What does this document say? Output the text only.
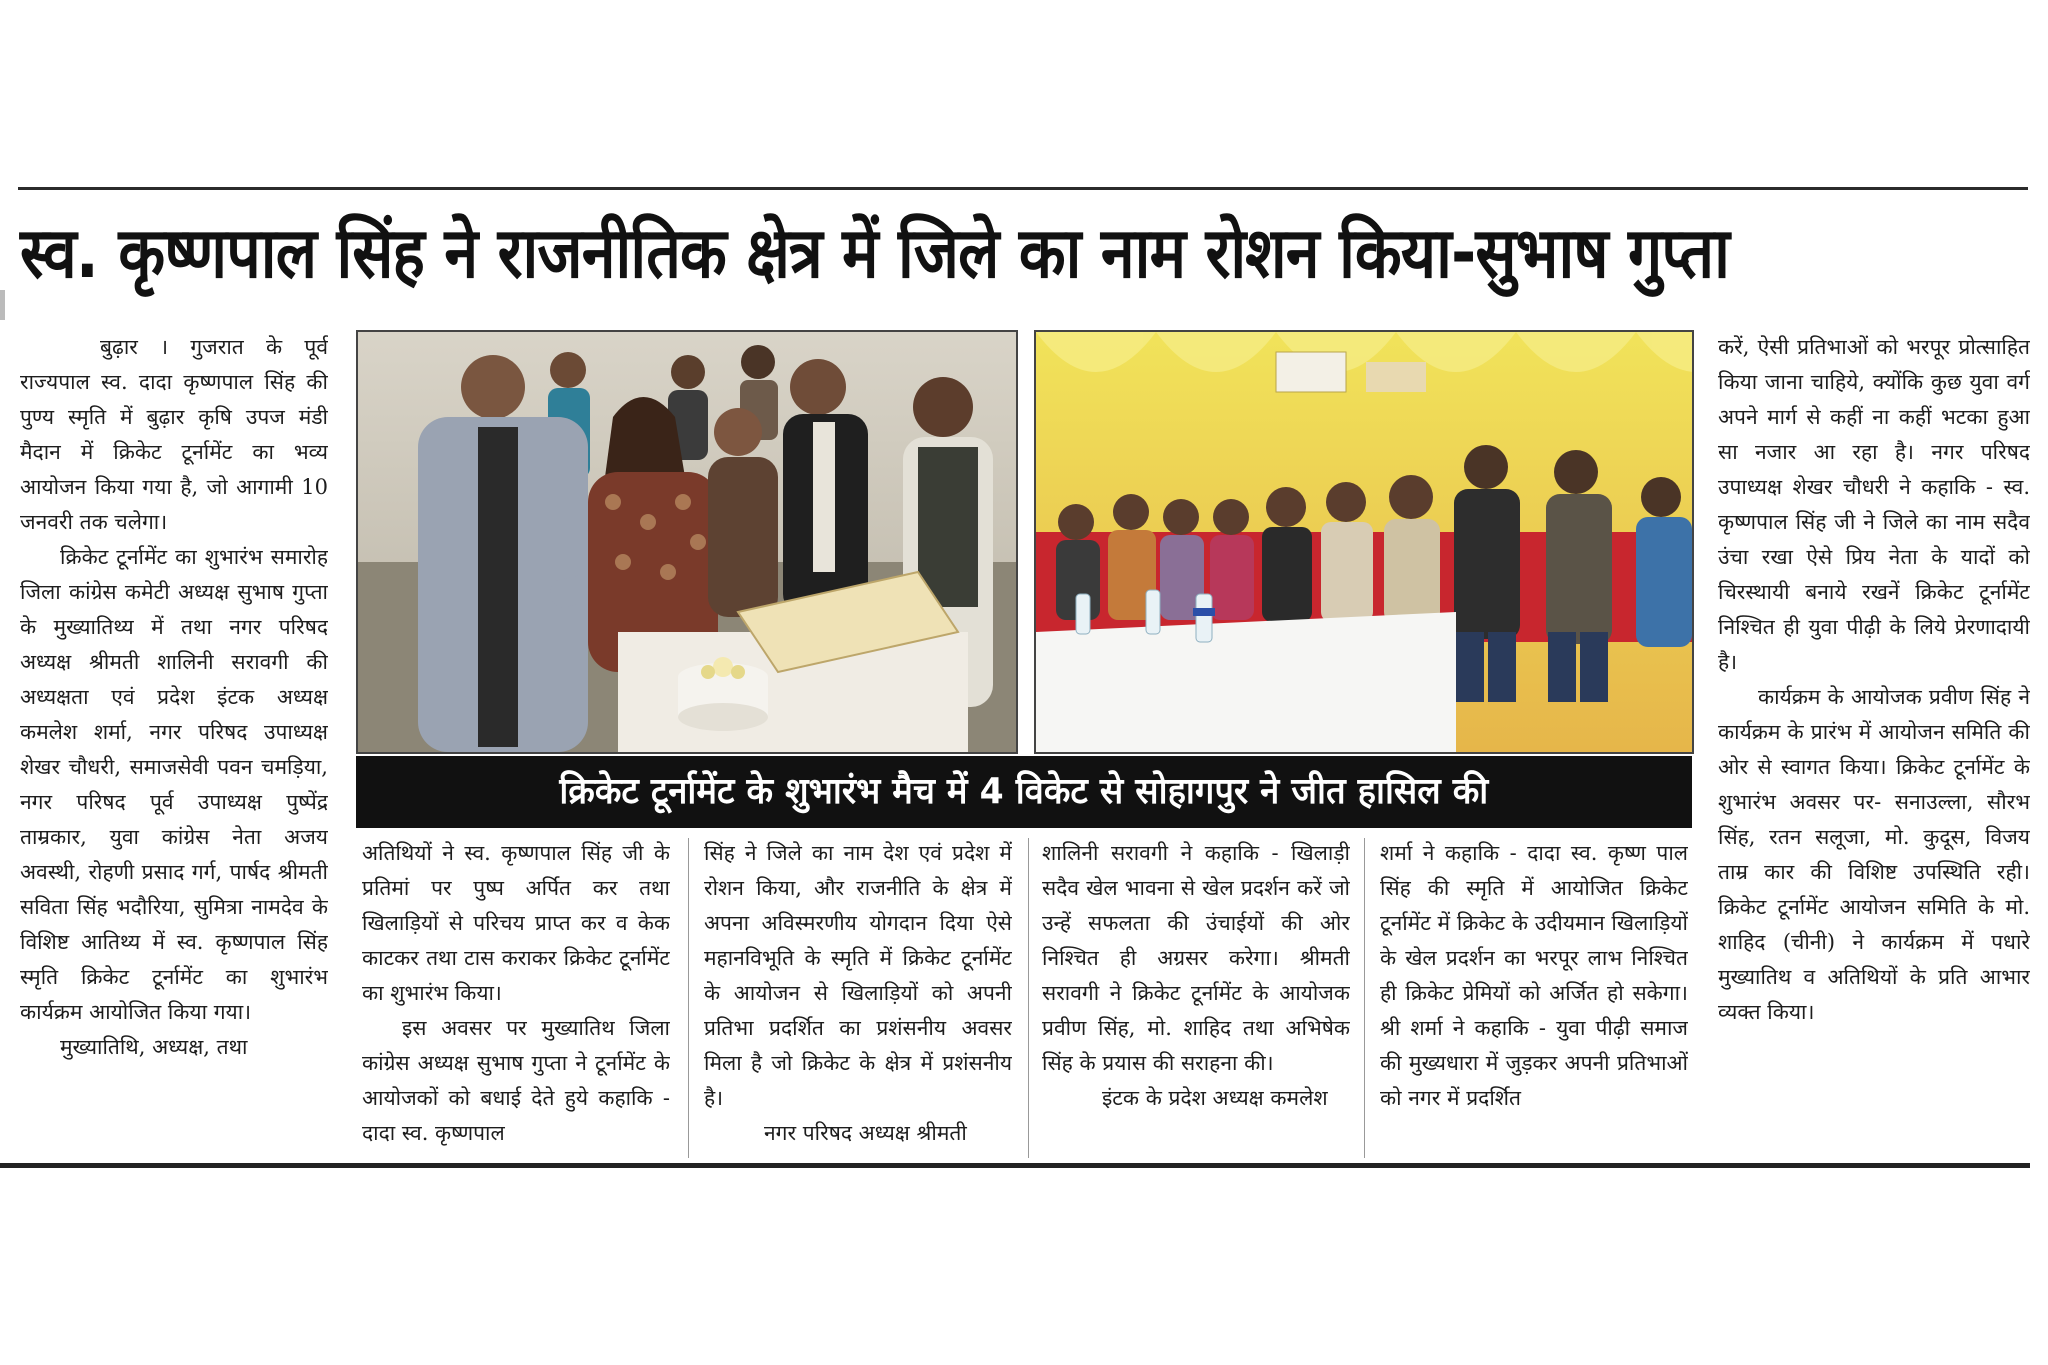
स्व. कृष्णपाल सिंह ने राजनीतिक क्षेत्र में जिले का नाम रोशन किया-सुभाष गुप्ता

बुढ़ार । गुजरात के पूर्व राज्यपाल स्व. दादा कृष्णपाल सिंह की पुण्य स्मृति में बुढ़ार कृषि उपज मंडी मैदान में क्रिकेट टूर्नामेंट का भव्य आयोजन किया गया है, जो आगामी 10 जनवरी तक चलेगा।

क्रिकेट टूर्नामेंट का शुभारंभ समारोह जिला कांग्रेस कमेटी अध्यक्ष सुभाष गुप्ता के मुख्यातिथ्य में तथा नगर परिषद अध्यक्ष श्रीमती शालिनी सरावगी की अध्यक्षता एवं प्रदेश इंटक अध्यक्ष कमलेश शर्मा, नगर परिषद उपाध्यक्ष शेखर चौधरी, समाजसेवी पवन चमड़िया, नगर परिषद पूर्व उपाध्यक्ष पुष्पेंद्र ताम्रकार, युवा कांग्रेस नेता अजय अवस्थी, रोहणी प्रसाद गर्ग, पार्षद श्रीमती सविता सिंह भदौरिया, सुमित्रा नामदेव के विशिष्ट आतिथ्य में स्व. कृष्णपाल सिंह स्मृति क्रिकेट टूर्नामेंट का शुभारंभ कार्यक्रम आयोजित किया गया।

मुख्यातिथि, अध्यक्ष, तथा

क्रिकेट टूर्नामेंट के शुभारंभ मैच में 4 विकेट से सोहागपुर ने जीत हासिल की

अतिथियों ने स्व. कृष्णपाल सिंह जी के प्रतिमां पर पुष्प अर्पित कर तथा खिलाड़ियों से परिचय प्राप्त कर व केक काटकर तथा टास कराकर क्रिकेट टूर्नामेंट का शुभारंभ किया।

इस अवसर पर मुख्यातिथ जिला कांग्रेस अध्यक्ष सुभाष गुप्ता ने टूर्नामेंट के आयोजकों को बधाई देते हुये कहाकि - दादा स्व. कृष्णपाल

सिंह ने जिले का नाम देश एवं प्रदेश में रोशन किया, और राजनीति के क्षेत्र में अपना अविस्मरणीय योगदान दिया ऐसे महानविभूति के स्मृति में क्रिकेट टूर्नामेंट के आयोजन से खिलाड़ियों को अपनी प्रतिभा प्रदर्शित का प्रशंसनीय अवसर मिला है जो क्रिकेट के क्षेत्र में प्रशंसनीय है।

नगर परिषद अध्यक्ष श्रीमती

शालिनी सरावगी ने कहाकि - खिलाड़ी सदैव खेल भावना से खेल प्रदर्शन करें जो उन्हें सफलता की उंचाईयों की ओर निश्चित ही अग्रसर करेगा। श्रीमती सरावगी ने क्रिकेट टूर्नामेंट के आयोजक प्रवीण सिंह, मो. शाहिद तथा अभिषेक सिंह के प्रयास की सराहना की।

इंटक के प्रदेश अध्यक्ष कमलेश

शर्मा ने कहाकि - दादा स्व. कृष्ण पाल सिंह की स्मृति में आयोजित क्रिकेट टूर्नामेंट में क्रिकेट के उदीयमान खिलाड़ियों के खेल प्रदर्शन का भरपूर लाभ निश्चित ही क्रिकेट प्रेमियों को अर्जित हो सकेगा। श्री शर्मा ने कहाकि - युवा पीढ़ी समाज की मुख्यधारा में जुड़कर अपनी प्रतिभाओं को नगर में प्रदर्शित

करें, ऐसी प्रतिभाओं को भरपूर प्रोत्साहित किया जाना चाहिये, क्योंकि कुछ युवा वर्ग अपने मार्ग से कहीं ना कहीं भटका हुआ सा नजार आ रहा है। नगर परिषद उपाध्यक्ष शेखर चौधरी ने कहाकि - स्व. कृष्णपाल सिंह जी ने जिले का नाम सदैव उंचा रखा ऐसे प्रिय नेता के यादों को चिरस्थायी बनाये रखनें क्रिकेट टूर्नामेंट निश्चित ही युवा पीढ़ी के लिये प्रेरणादायी है।

कार्यक्रम के आयोजक प्रवीण सिंह ने कार्यक्रम के प्रारंभ में आयोजन समिति की ओर से स्वागत किया। क्रिकेट टूर्नामेंट के शुभारंभ अवसर पर- सनाउल्ला, सौरभ सिंह, रतन सलूजा, मो. कुदूस, विजय ताम्र कार की विशिष्ट उपस्थिति रही। क्रिकेट टूर्नामेंट आयोजन समिति के मो. शाहिद (चीनी) ने कार्यक्रम में पधारे मुख्यातिथ व अतिथियों के प्रति आभार व्यक्त किया।
